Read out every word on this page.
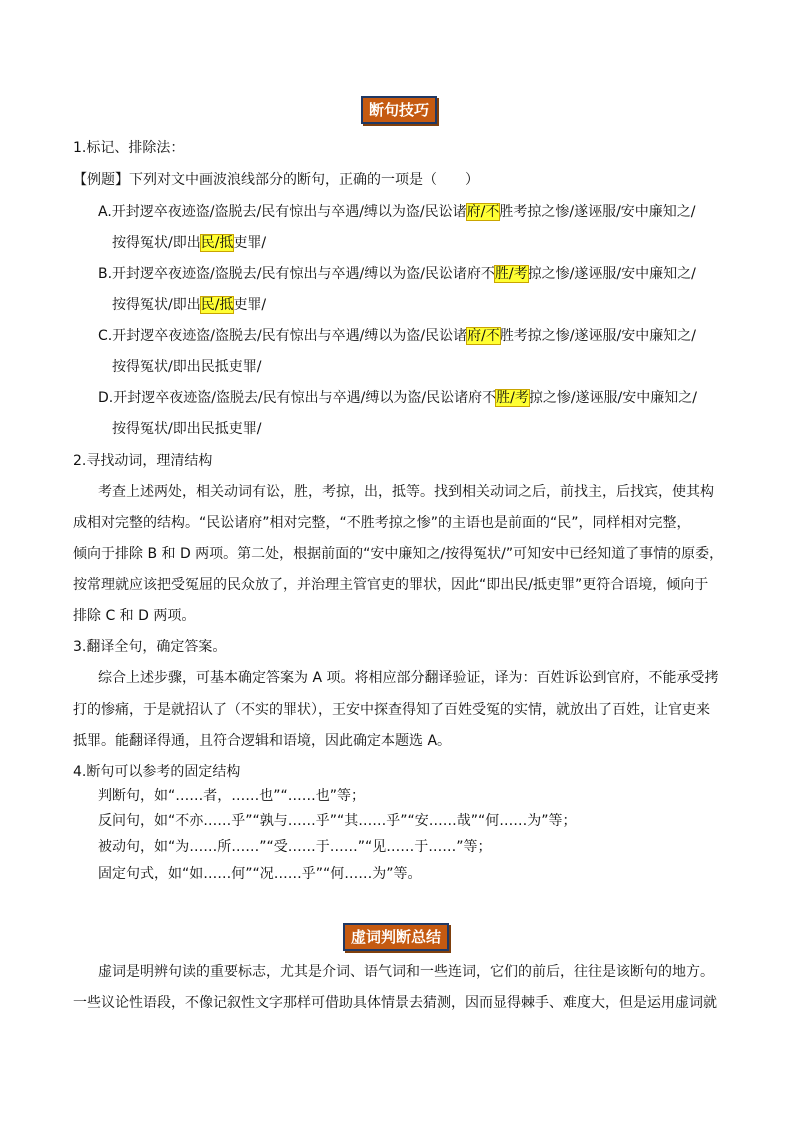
断句技巧
1.标记、排除法：
【例题】下列对文中画波浪线部分的断句，正确的一项是（　　）
A.开封逻卒夜迹盗/盗脱去/民有惊出与卒遇/缚以为盗/民讼诸府/不胜考掠之惨/遂诬服/安中廉知之/
按得冤状/即出民/抵吏罪/
B.开封逻卒夜迹盗/盗脱去/民有惊出与卒遇/缚以为盗/民讼诸府不胜/考掠之惨/遂诬服/安中廉知之/
按得冤状/即出民/抵吏罪/
C.开封逻卒夜迹盗/盗脱去/民有惊出与卒遇/缚以为盗/民讼诸府/不胜考掠之惨/遂诬服/安中廉知之/
按得冤状/即出民抵吏罪/
D.开封逻卒夜迹盗/盗脱去/民有惊出与卒遇/缚以为盗/民讼诸府不胜/考掠之惨/遂诬服/安中廉知之/
按得冤状/即出民抵吏罪/
2.寻找动词，理清结构
考查上述两处，相关动词有讼，胜，考掠，出，抵等。找到相关动词之后，前找主，后找宾，使其构
成相对完整的结构。“民讼诸府”相对完整，“不胜考掠之惨”的主语也是前面的“民”，同样相对完整，
倾向于排除 B 和 D 两项。第二处，根据前面的“安中廉知之/按得冤状/”可知安中已经知道了事情的原委，
按常理就应该把受冤屈的民众放了，并治理主管官吏的罪状，因此“即出民/抵吏罪”更符合语境，倾向于
排除 C 和 D 两项。
3.翻译全句，确定答案。
综合上述步骤，可基本确定答案为 A 项。将相应部分翻译验证，译为：百姓诉讼到官府，不能承受拷
打的惨痛，于是就招认了（不实的罪状），王安中探查得知了百姓受冤的实情，就放出了百姓，让官吏来
抵罪。能翻译得通，且符合逻辑和语境，因此确定本题选 A。
4.断句可以参考的固定结构
判断句，如“……者，……也”“……也”等；
反问句，如“不亦……乎”“孰与……乎”“其……乎”“安……哉”“何……为”等；
被动句，如“为……所……”“受……于……”“见……于……”等；
固定句式，如“如……何”“况……乎”“何……为”等。
虚词判断总结
虚词是明辨句读的重要标志，尤其是介词、语气词和一些连词，它们的前后，往往是该断句的地方。
一些议论性语段，不像记叙性文字那样可借助具体情景去猜测，因而显得棘手、难度大，但是运用虚词就
